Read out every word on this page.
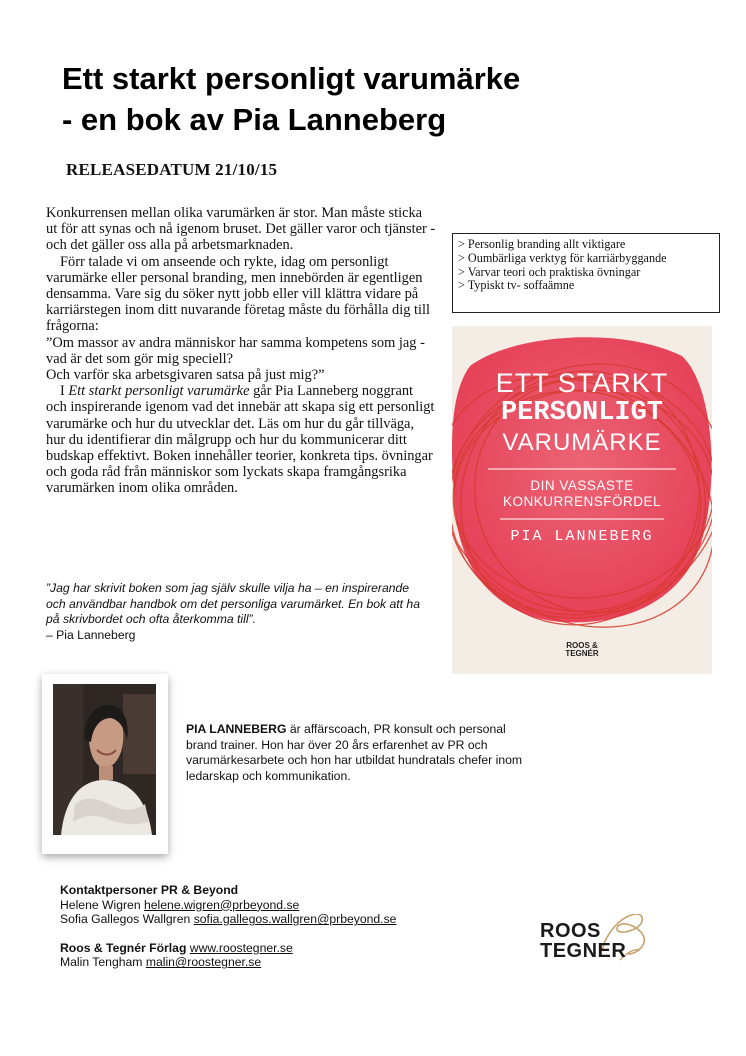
Ett starkt personligt varumärke
- en bok av Pia Lanneberg
RELEASEDATUM 21/10/15

Konkurrensen mellan olika varumärken är stor. Man måste sticka ut för att synas och nå igenom bruset. Det gäller varor och tjänster - och det gäller oss alla på arbetsmarknaden.

Förr talade vi om anseende och rykte, idag om personligt varumärke eller personal branding, men innebörden är egentligen densamma. Vare sig du söker nytt jobb eller vill klättra vidare på karriärstegen inom ditt nuvarande företag måste du förhålla dig till frågorna:

”Om massor av andra människor har samma kompetens som jag - vad är det som gör mig speciell?

Och varför ska arbetsgivaren satsa på just mig?”

I Ett starkt personligt varumärke går Pia Lanneberg noggrant och inspirerande igenom vad det innebär att skapa sig ett personligt varumärke och hur du utvecklar det. Läs om hur du går tillväga, hur du identifierar din målgrupp och hur du kommunicerar ditt budskap effektivt. Boken innehåller teorier, konkreta tips. övningar och goda råd från människor som lyckats skapa framgångsrika varumärken inom olika områden.

”Jag har skrivit boken som jag själv skulle vilja ha – en inspirerande och användbar handbok om det personliga varumärket. En bok att ha på skrivbordet och ofta återkomma till”.
– Pia Lanneberg
> Personlig branding allt viktigare
> Oumbärliga verktyg för karriärbyggande
> Varvar teori och praktiska övningar
> Typiskt tv- soffaämne
ETT STARKT
PERSONLIGT
VARUMÄRKE
DIN VASSASTE
KONKURRENSFÖRDEL
PIA LANNEBERG
ROOS &
TEGNÉR
PIA LANNEBERG är affärscoach, PR konsult och personal brand trainer. Hon har över 20 års erfarenhet av PR och varumärkesarbete och hon har utbildat hundratals chefer inom ledarskap och kommunikation.
Kontaktpersoner PR & Beyond
Helene Wigren helene.wigren@prbeyond.se
Sofia Gallegos Wallgren sofia.gallegos.wallgren@prbeyond.se
Roos & Tegnér Förlag www.roostegner.se
Malin Tengham malin@roostegner.se
ROOS
TEGNER
